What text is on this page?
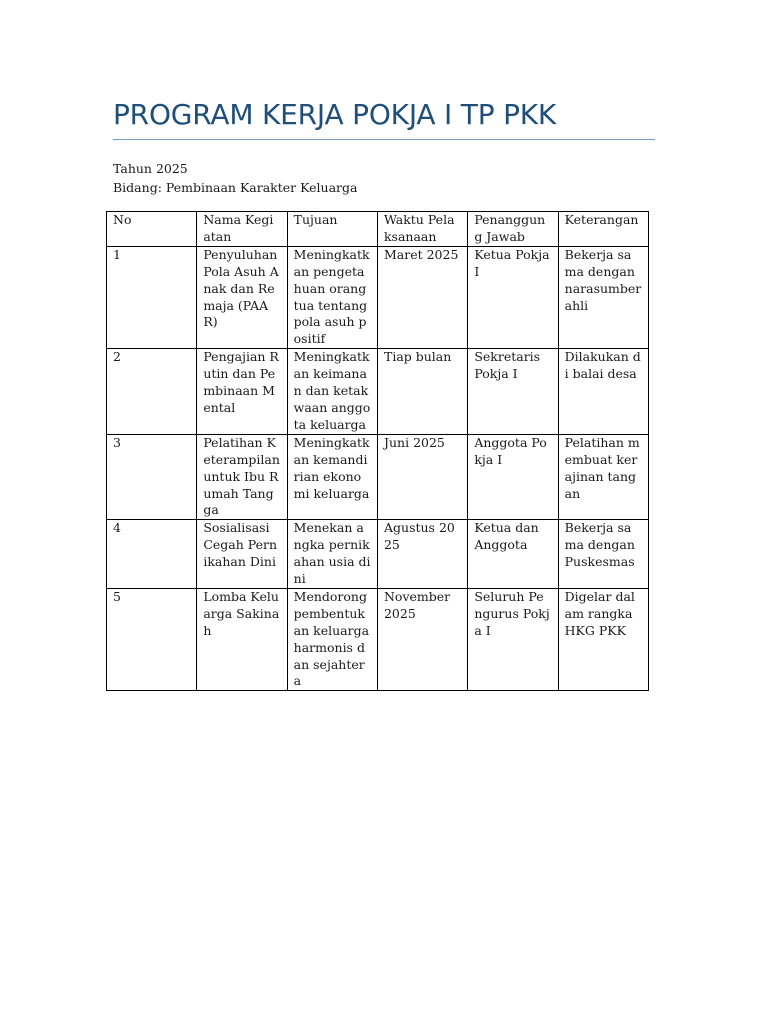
PROGRAM KERJA POKJA I TP PKK
Tahun 2025
Bidang: Pembinaan Karakter Keluarga
No	Nama Kegiatan	Tujuan	Waktu Pelaksanaan	Penanggung Jawab	Keterangan
1	Penyuluhan Pola Asuh Anak dan Remaja (PAAR)	Meningkatkan pengetahuan orang tua tentang pola asuh positif	Maret 2025	Ketua Pokja I	Bekerja sama dengan narasumber ahli
2	Pengajian Rutin dan Pembinaan Mental	Meningkatkan keimanan dan ketakwaan anggota keluarga	Tiap bulan	Sekretaris Pokja I	Dilakukan di balai desa
3	Pelatihan Keterampilan untuk Ibu Rumah Tangga	Meningkatkan kemandirian ekonomi keluarga	Juni 2025	Anggota Pokja I	Pelatihan membuat kerajinan tangan
4	Sosialisasi Cegah Pernikahan Dini	Menekan angka pernikahan usia dini	Agustus 2025	Ketua dan Anggota	Bekerja sama dengan Puskesmas
5	Lomba Keluarga Sakinah	Mendorong pembentukan keluarga harmonis dan sejahtera	November 2025	Seluruh Pengurus Pokja I	Digelar dalam rangka HKG PKK
